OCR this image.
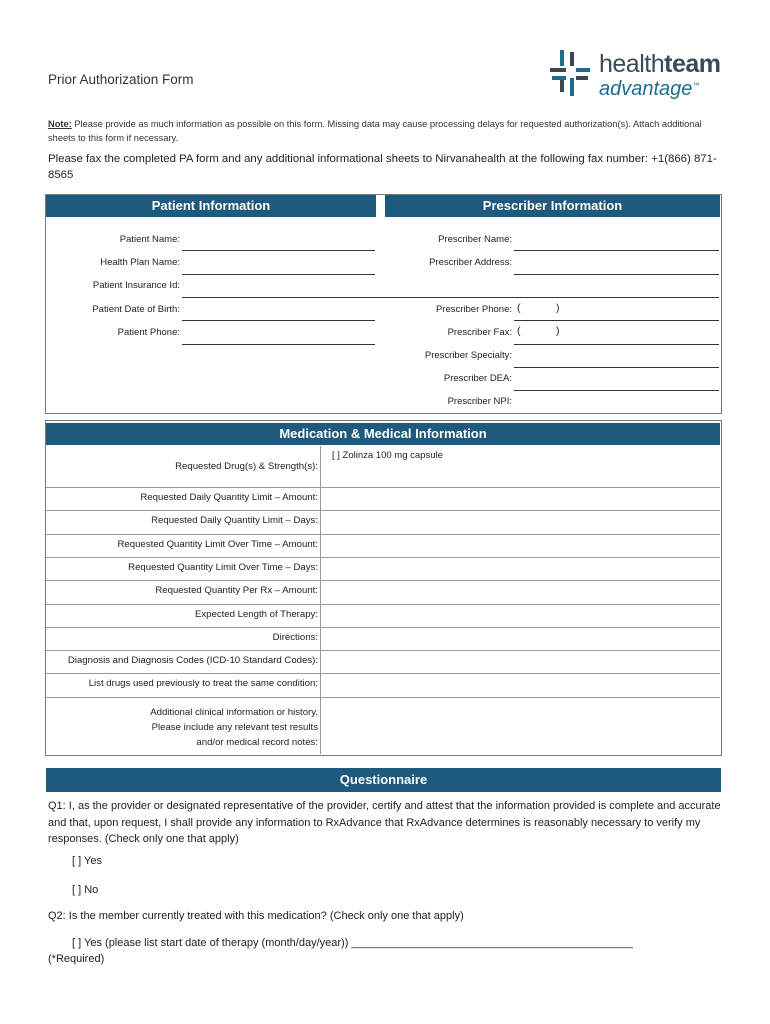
Prior Authorization Form
healthteam
advantage™
Note: Please provide as much information as possible on this form. Missing data may cause processing delays for requested authorization(s). Attach additional sheets to this form if necessary.
Please fax the completed PA form and any additional informational sheets to Nirvanahealth at the following fax number: +1(866) 871-8565
Patient Information	Prescriber Information
Patient Name:
Health Plan Name:
Patient Insurance Id:
Patient Date of Birth:
Patient Phone:
Prescriber Name:
Prescriber Address:
Prescriber Phone: (	)
Prescriber Fax: (	)
Prescriber Specialty:
Prescriber DEA:
Prescriber NPI:
Medication & Medical Information
Requested Drug(s) & Strength(s):
[ ] Zolinza 100 mg capsule
Requested Daily Quantity Limit – Amount:
Requested Daily Quantity Limit – Days:
Requested Quantity Limit Over Time – Amount:
Requested Quantity Limit Over Time – Days:
Requested Quantity Per Rx – Amount:
Expected Length of Therapy:
Directions:
Diagnosis and Diagnosis Codes (ICD-10 Standard Codes):
List drugs used previously to treat the same condition:
Additional clinical information or history.
Please include any relevant test results
and/or medical record notes:
Questionnaire
Q1: I, as the provider or designated representative of the provider, certify and attest that the information provided is complete and accurate and that, upon request, I shall provide any information to RxAdvance that RxAdvance determines is reasonably necessary to verify my responses. (Check only one that apply)
[ ] Yes
[ ] No
Q2: Is the member currently treated with this medication? (Check only one that apply)
[ ] Yes (please list start date of therapy (month/day/year)) ______________________________________________
(*Required)
